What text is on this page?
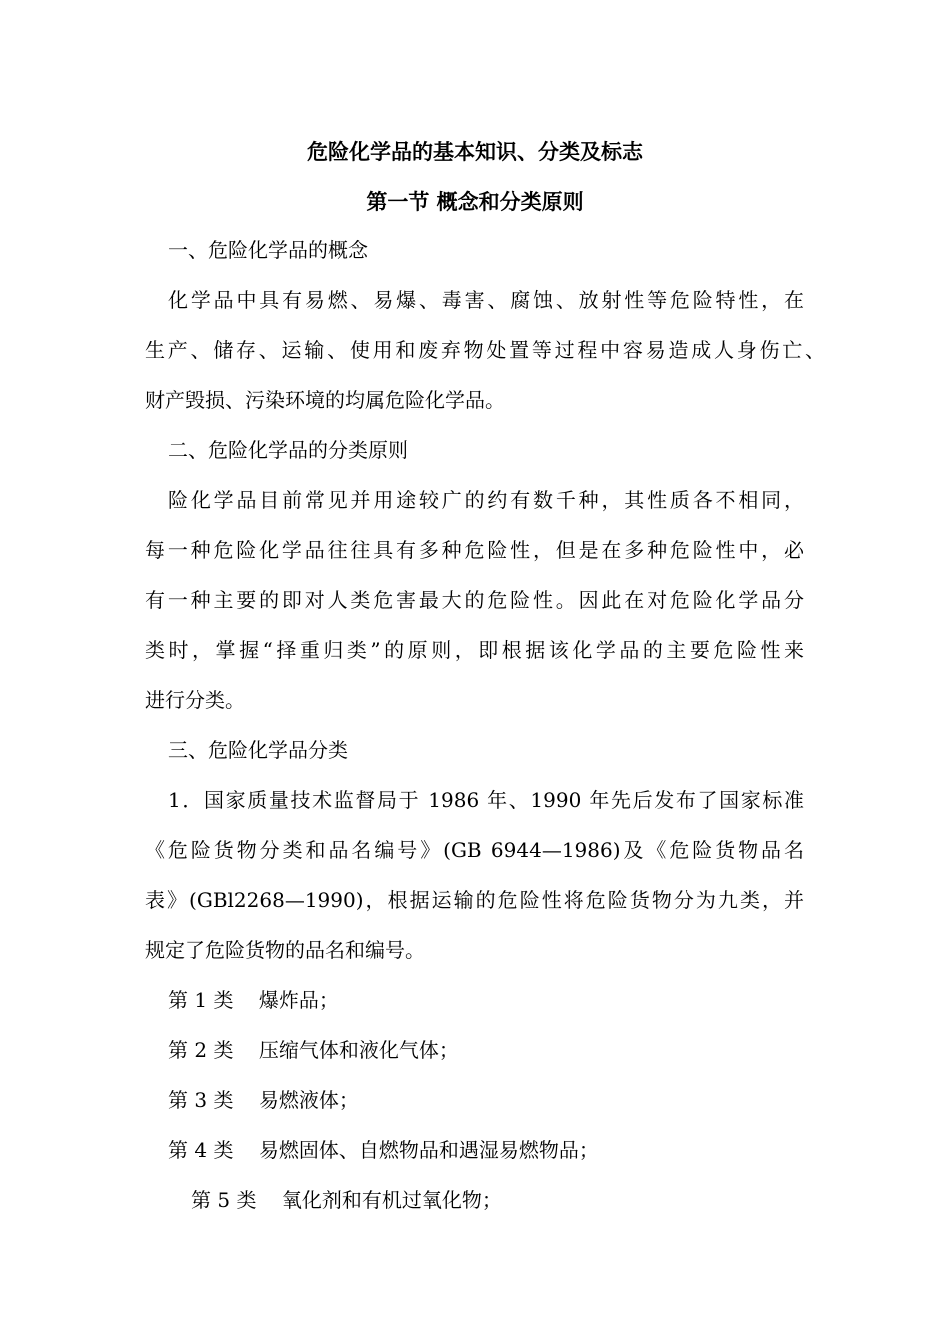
危险化学品的基本知识、分类及标志
第一节 概念和分类原则
一、危险化学品的概念
化学品中具有易燃、易爆、毒害、腐蚀、放射性等危险特性，在
生产、储存、运输、使用和废弃物处置等过程中容易造成人身伤亡、
财产毁损、污染环境的均属危险化学品。
二、危险化学品的分类原则
险化学品目前常见并用途较广的约有数千种，其性质各不相同，
每一种危险化学品往往具有多种危险性，但是在多种危险性中，必
有一种主要的即对人类危害最大的危险性。因此在对危险化学品分
类时，掌握“择重归类”的原则，即根据该化学品的主要危险性来
进行分类。
三、危险化学品分类
1．国家质量技术监督局于 1986 年、1990 年先后发布了国家标准
《危险货物分类和品名编号》(GB 6944—1986)及《危险货物品名
表》(GBl2268—1990)，根据运输的危险性将危险货物分为九类，并
规定了危险货物的品名和编号。
第 1 类    爆炸品；
第 2 类    压缩气体和液化气体；
第 3 类    易燃液体；
第 4 类    易燃固体、自燃物品和遇湿易燃物品；
第 5 类    氧化剂和有机过氧化物；
